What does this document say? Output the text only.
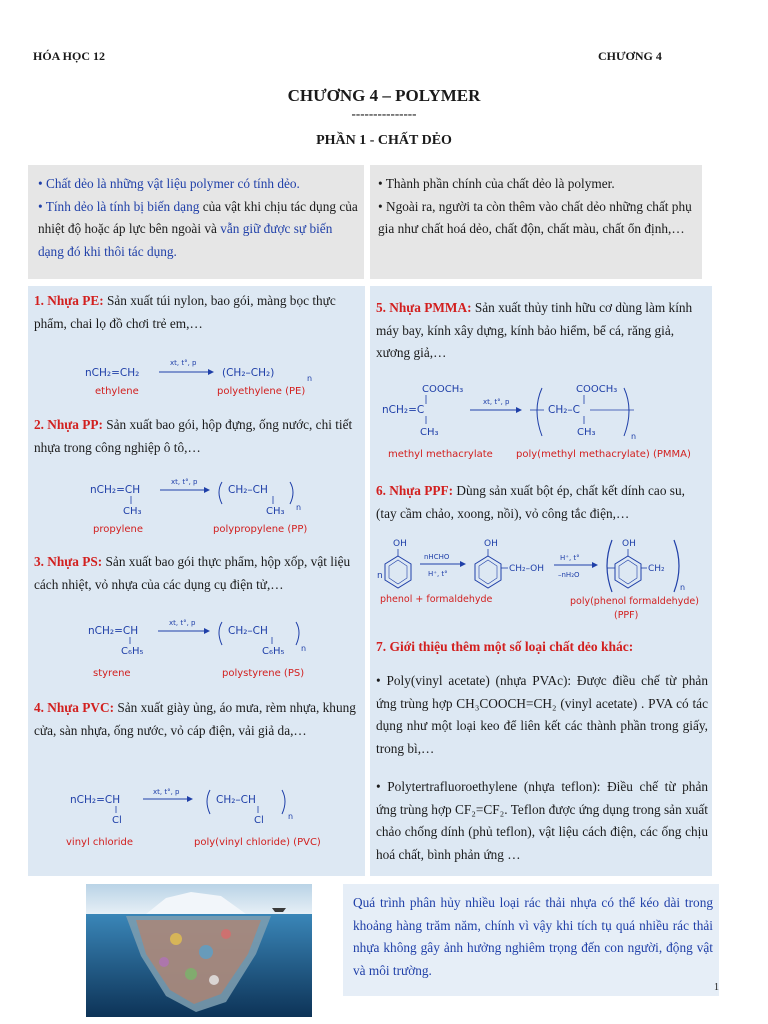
HÓA HỌC 12	CHƯƠNG 4
CHƯƠNG 4 – POLYMER
---------------
PHẦN 1 - CHẤT DẺO

• Chất dẻo là những vật liệu polymer có tính dẻo.

• Tính dẻo là tính bị biến dạng của vật khi chịu tác dụng của nhiệt độ hoặc áp lực bên ngoài và vẫn giữ được sự biến dạng đó khi thôi tác dụng.

• Thành phần chính của chất dẻo là polymer.

• Ngoài ra, người ta còn thêm vào chất dẻo những chất phụ gia như chất hoá dẻo, chất độn, chất màu, chất ổn định,…

1. Nhựa PE: Sản xuất túi nylon, bao gói, màng bọc thực phẩm, chai lọ đồ chơi trẻ em,…
nCH₂=CH₂
xt, t°, p
(CH₂–CH₂)	n
ethylene	polyethylene (PE)
2. Nhựa PP: Sản xuất bao gói, hộp đựng, ống nước, chi tiết nhựa trong công nghiệp ô tô,…
nCH₂=CH
CH₃
xt, t°, p
CH₂–CH
CH₃ n
propylene	polypropylene (PP)
3. Nhựa PS: Sản xuất bao gói thực phẩm, hộp xốp, vật liệu cách nhiệt, vỏ nhựa của các dụng cụ điện tử,…
nCH₂=CH
C₆H₅
xt, t°, p
CH₂–CH
C₆H₅ n
styrene	polystyrene (PS)
4. Nhựa PVC: Sản xuất giày ủng, áo mưa, rèm nhựa, khung cửa, sàn nhựa, ống nước, vỏ cáp điện, vải giả da,…
nCH₂=CH
Cl
xt, t°, p
CH₂–CH
Cl	n
vinyl chloride	poly(vinyl chloride) (PVC)
5. Nhựa PMMA: Sản xuất thủy tinh hữu cơ dùng làm kính máy bay, kính xây dựng, kính bảo hiểm, bể cá, răng giả, xương giả,…
COOCH₃
nCH₂=C
CH₃
xt, t°, p
COOCH₃
CH₂–C
CH₃	n
methyl methacrylate poly(methyl methacrylate) (PMMA)
6. Nhựa PPF: Dùng sản xuất bột ép, chất kết dính cao su, (tay cầm chảo, xoong, nồi), vỏ công tắc điện,…
OH
n
nHCHO
H⁺, t°
OH
CH₂–OH
H⁺, t°
–nH₂O
OH
CH₂
n
phenol + formaldehyde	poly(phenol formaldehyde)
(PPF)
7. Giới thiệu thêm một số loại chất dẻo khác:
• Poly(vinyl acetate) (nhựa PVAc): Được điều chế từ phản ứng trùng hợp CH₃COOCH=CH₂ (vinyl acetate) . PVA có tác dụng như một loại keo để liên kết các thành phần trong giấy, trong bì,…
• Polytertrafluoroethylene (nhựa teflon): Điều chế từ phản ứng trùng hợp CF₂=CF₂. Teflon được ứng dụng trong sản xuất chảo chống dính (phủ teflon), vật liệu cách điện, các ống chịu hoá chất, bình phản ứng …
Quá trình phân hủy nhiều loại rác thải nhựa có thể kéo dài trong khoảng hàng trăm năm, chính vì vậy khi tích tụ quá nhiều rác thải nhựa không gây ảnh hưởng nghiêm trọng đến con người, động vật và môi trường.
1
